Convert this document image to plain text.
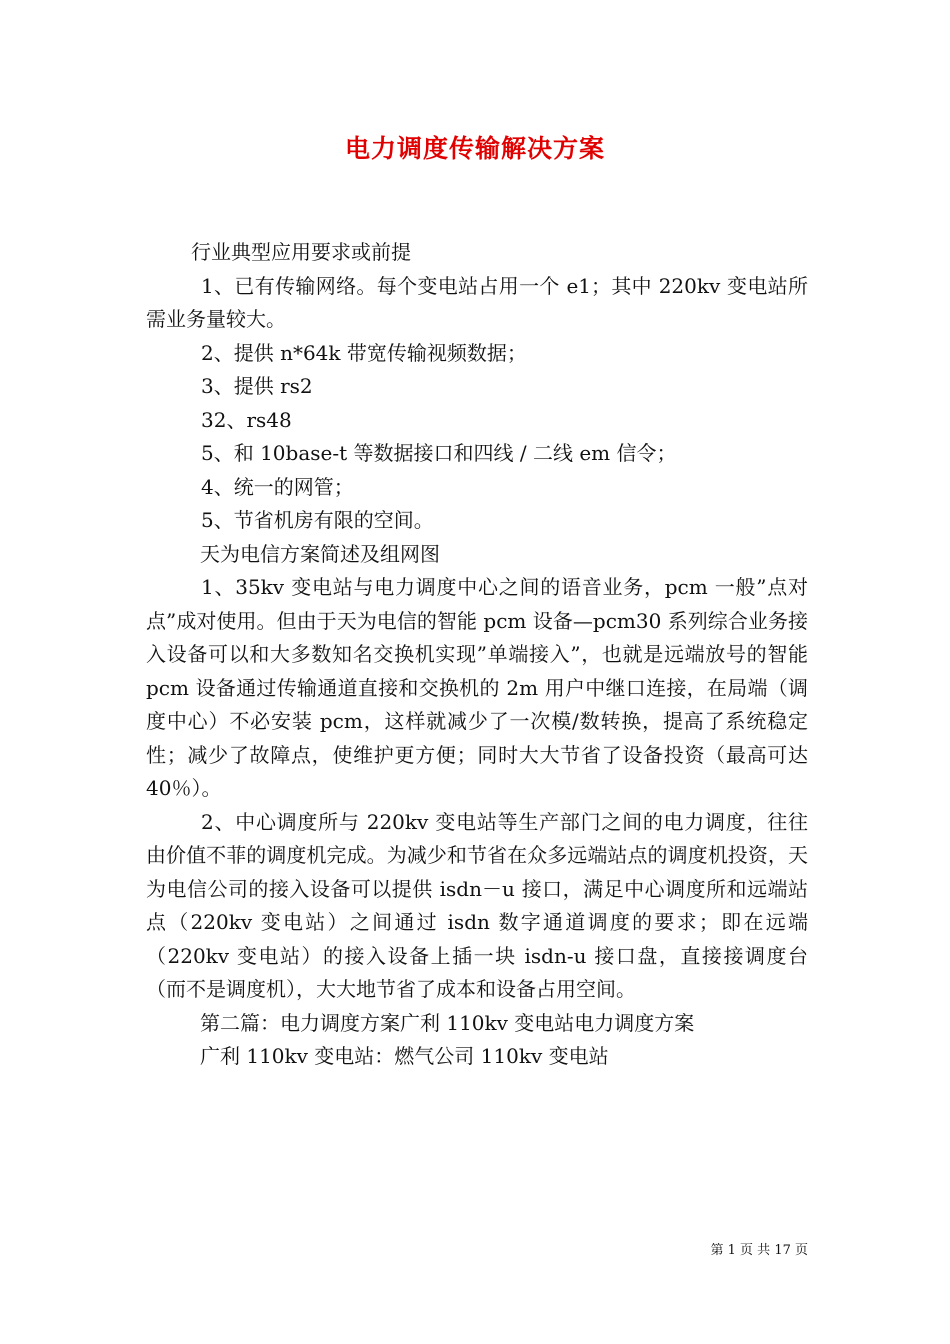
电力调度传输解决方案

行业典型应用要求或前提

1、已有传输网络。每个变电站占用一个 e1；其中 220kv 变电站所需业务量较大。

2、提供 n*64k 带宽传输视频数据；

3、提供 rs2

32、rs48

5、和 10base-t 等数据接口和四线 / 二线 em 信令；

4、统一的网管；

5、节省机房有限的空间。

天为电信方案简述及组网图

1、35kv 变电站与电力调度中心之间的语音业务，pcm 一般”点对点”成对使用。但由于天为电信的智能 pcm 设备—pcm30 系列综合业务接入设备可以和大多数知名交换机实现”单端接入”，也就是远端放号的智能 pcm 设备通过传输通道直接和交换机的 2m 用户中继口连接，在局端（调度中心）不必安装 pcm，这样就减少了一次模/数转换，提高了系统稳定性；减少了故障点，使维护更方便；同时大大节省了设备投资（最高可达 40％）。

2、中心调度所与 220kv 变电站等生产部门之间的电力调度，往往由价值不菲的调度机完成。为减少和节省在众多远端站点的调度机投资，天为电信公司的接入设备可以提供 isdn－u 接口，满足中心调度所和远端站点（220kv 变电站）之间通过 isdn 数字通道调度的要求；即在远端（220kv 变电站）的接入设备上插一块 isdn-u 接口盘，直接接调度台（而不是调度机），大大地节省了成本和设备占用空间。

第二篇：电力调度方案广利 110kv 变电站电力调度方案

广利 110kv 变电站：燃气公司 110kv 变电站

第 1 页 共 17 页
